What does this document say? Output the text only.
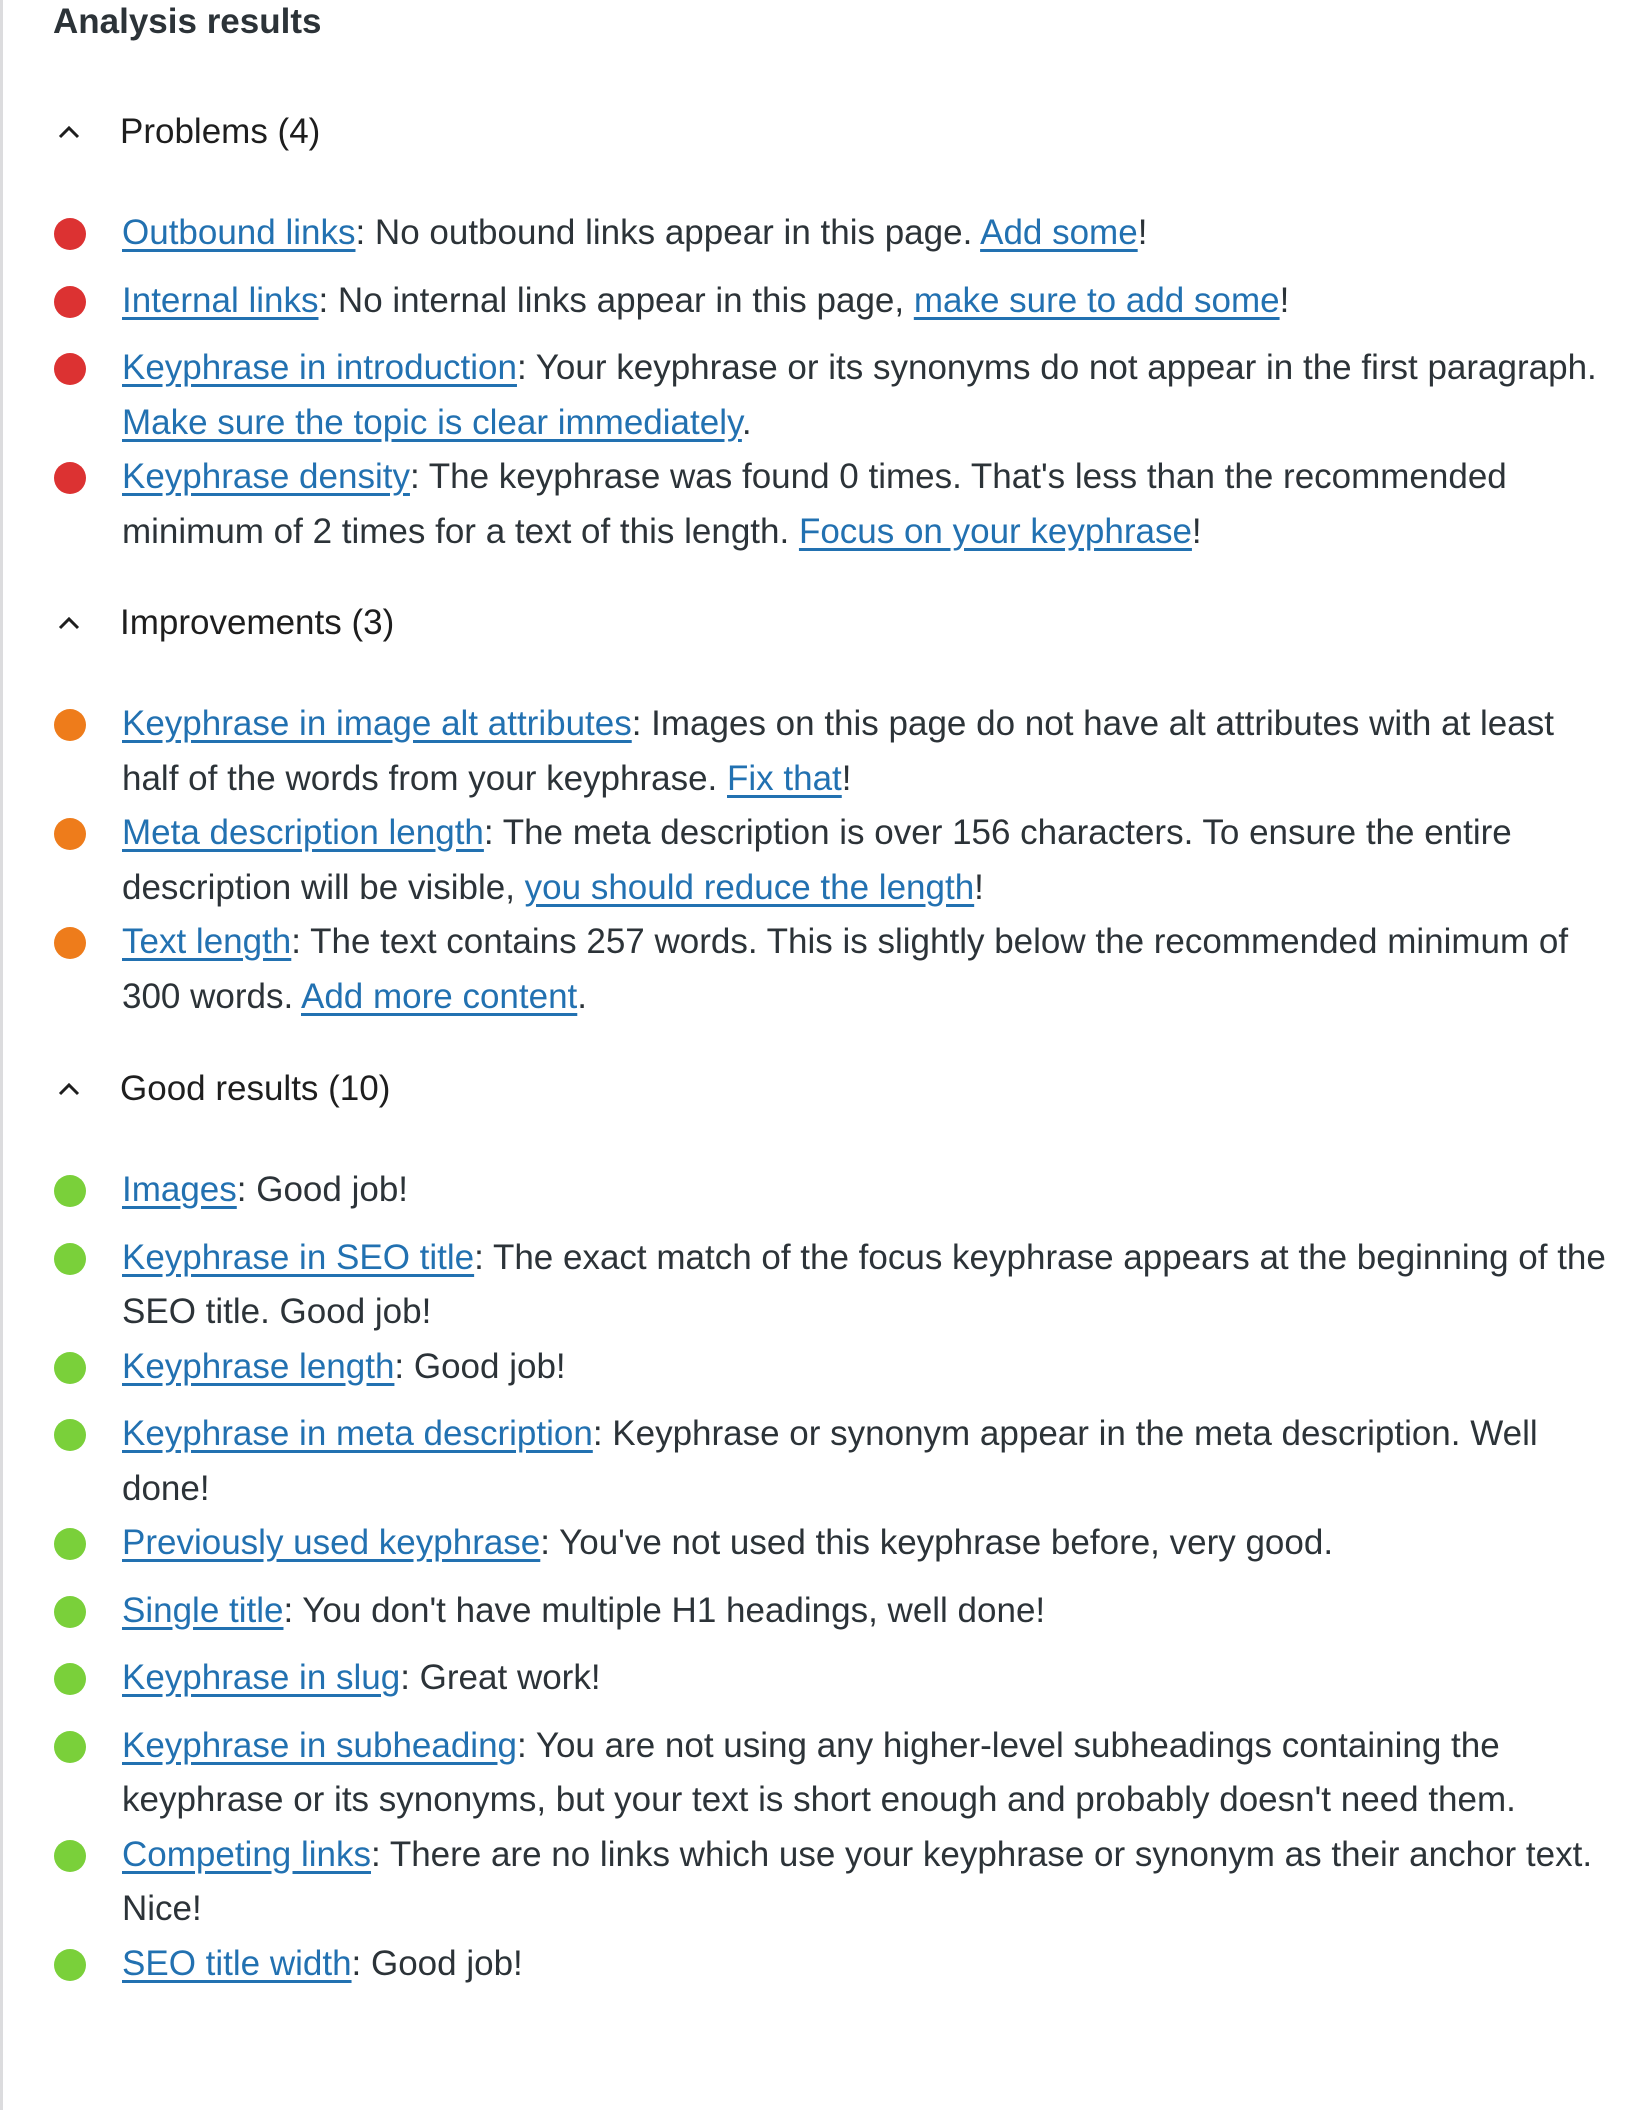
Analysis results
Problems (4)
Outbound links: No outbound links appear in this page. Add some!
Internal links: No internal links appear in this page, make sure to add some!
Keyphrase in introduction: Your keyphrase or its synonyms do not appear in the first paragraph. Make sure the topic is clear immediately.
Keyphrase density: The keyphrase was found 0 times. That's less than the recommended minimum of 2 times for a text of this length. Focus on your keyphrase!
Improvements (3)
Keyphrase in image alt attributes: Images on this page do not have alt attributes with at least half of the words from your keyphrase. Fix that!
Meta description length: The meta description is over 156 characters. To ensure the entire description will be visible, you should reduce the length!
Text length: The text contains 257 words. This is slightly below the recommended minimum of 300 words. Add more content.
Good results (10)
Images: Good job!
Keyphrase in SEO title: The exact match of the focus keyphrase appears at the beginning of the SEO title. Good job!
Keyphrase length: Good job!
Keyphrase in meta description: Keyphrase or synonym appear in the meta description. Well done!
Previously used keyphrase: You've not used this keyphrase before, very good.
Single title: You don't have multiple H1 headings, well done!
Keyphrase in slug: Great work!
Keyphrase in subheading: You are not using any higher-level subheadings containing the keyphrase or its synonyms, but your text is short enough and probably doesn't need them.
Competing links: There are no links which use your keyphrase or synonym as their anchor text. Nice!
SEO title width: Good job!
